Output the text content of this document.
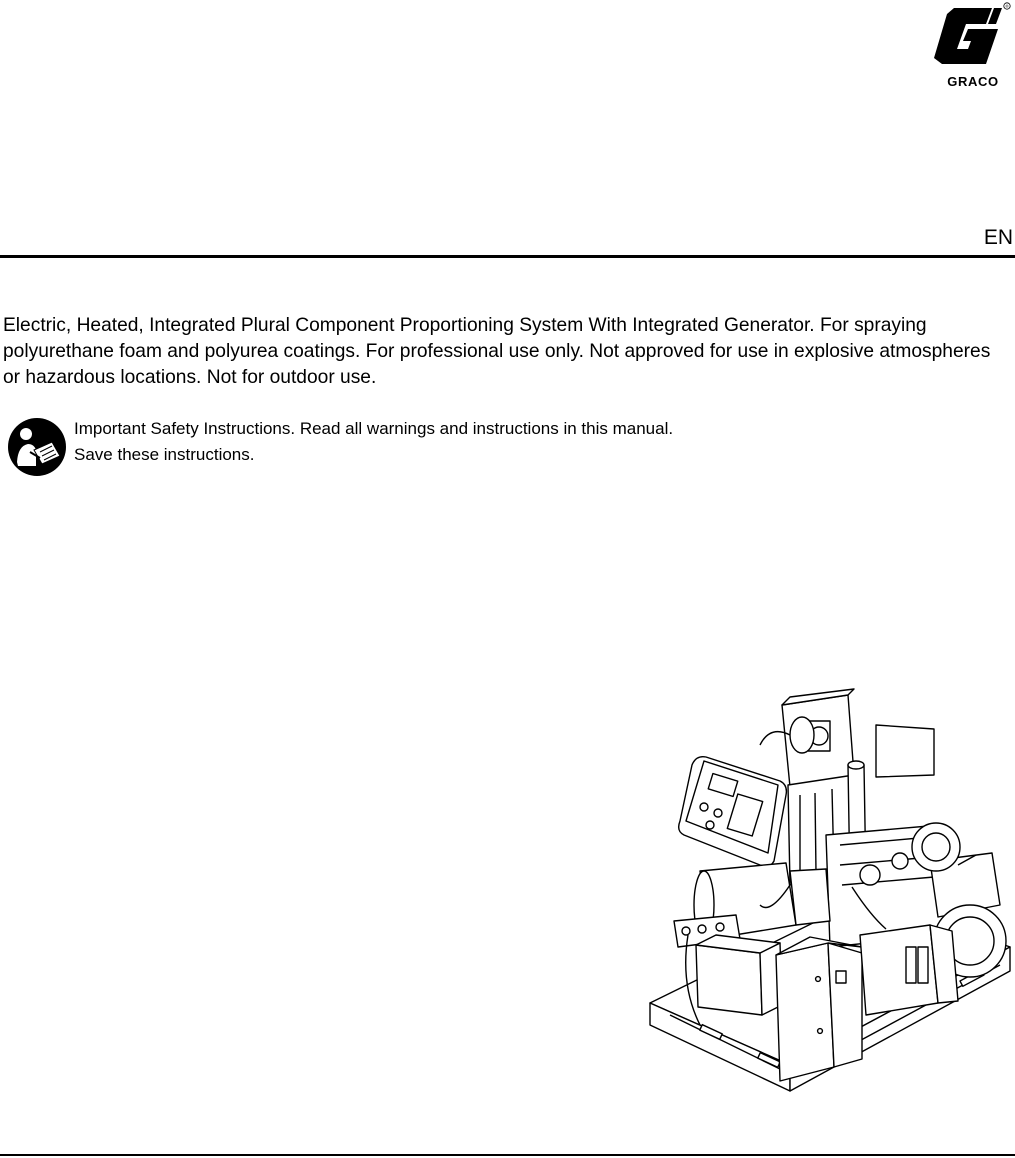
®
GRACO
EN

Electric, Heated, Integrated Plural Component Proportioning System With Integrated Generator. For spraying polyurethane foam and polyurea coatings. For professional use only. Not approved for use in explosive atmospheres or hazardous locations. Not for outdoor use.

Important Safety Instructions. Read all warnings and instructions in this manual. Save these instructions.
